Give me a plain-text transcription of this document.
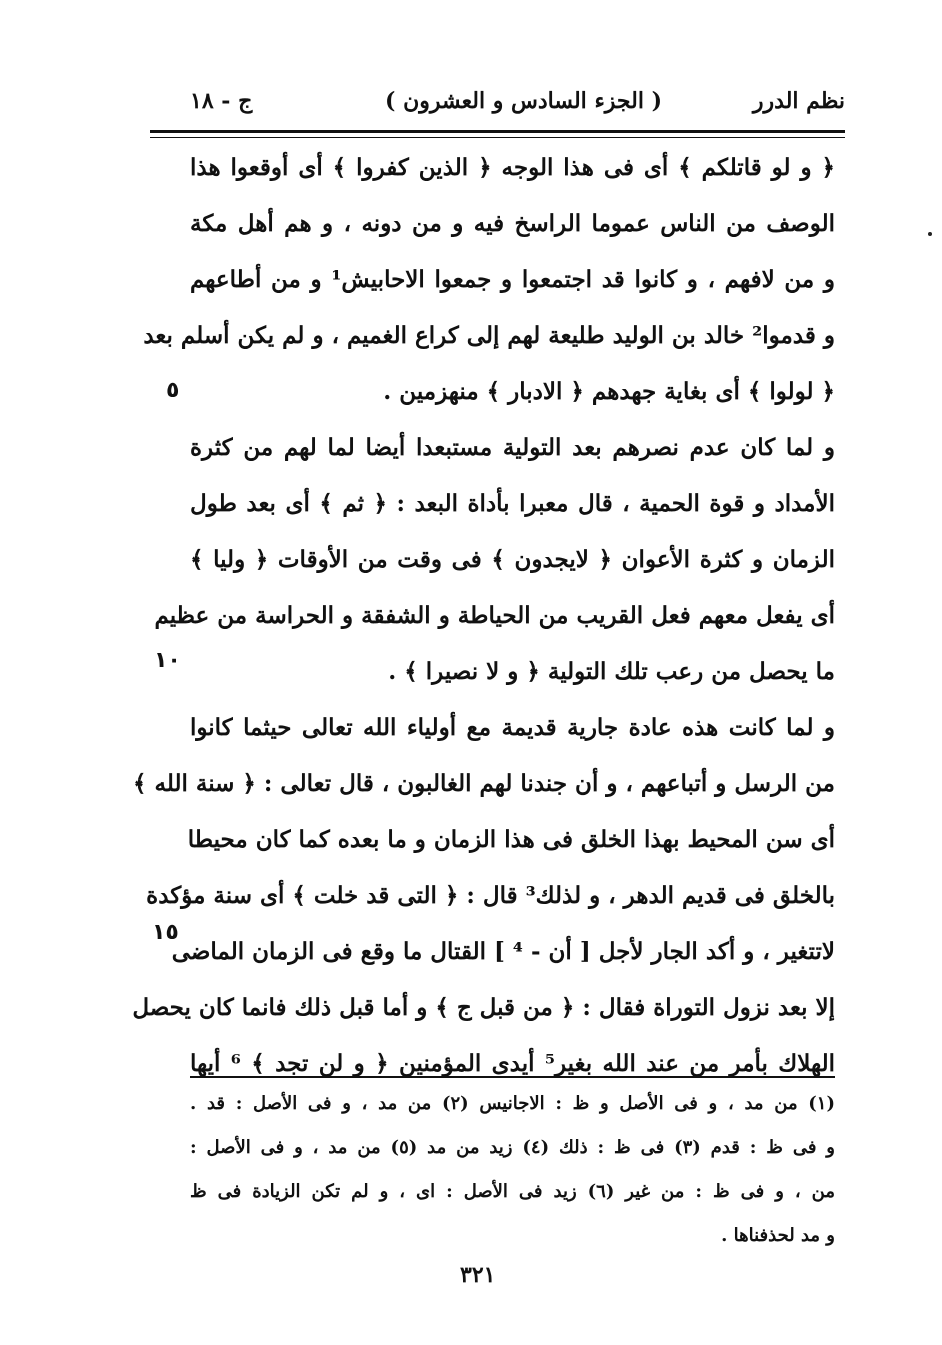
ج - ١٨	( الجزء السادس و العشرون )	نظم الدرر
﴿ و لو قاتلكم ﴾ أى فى هذا الوجه ﴿ الذين كفروا ﴾ أى أوقعوا هذا
الوصف من الناس عموما الراسخ فيه و من دونه ، و هم أهل مكة
و من لافهم ، و كانوا قد اجتمعوا و جمعوا الاحابيش¹ و من أطاعهم
و قدموا² خالد بن الوليد طليعة لهم إلى كراع الغميم ، و لم يكن أسلم بعد
﴿ لولوا ﴾ أى بغاية جهدهم ﴿ الادبار ﴾ منهزمين .
و لما كان عدم نصرهم بعد التولية مستبعدا أيضا لما لهم من كثرة
الأمداد و قوة الحمية ، قال معبرا بأداة البعد : ﴿ ثم ﴾ أى بعد طول
الزمان و كثرة الأعوان ﴿ لايجدون ﴾ فى وقت من الأوقات ﴿ وليا ﴾
أى يفعل معهم فعل القريب من الحياطة و الشفقة و الحراسة من عظيم
ما يحصل من رعب تلك التولية ﴿ و لا نصيرا ﴾ .
و لما كانت هذه عادة جارية قديمة مع أولياء الله تعالى حيثما كانوا
من الرسل و أتباعهم ، و أن جندنا لهم الغالبون ، قال تعالى : ﴿ سنة الله ﴾
أى سن المحيط بهذا الخلق فى هذا الزمان و ما بعده كما كان محيطا
بالخلق فى قديم الدهر ، و لذلك³ قال : ﴿ التى قد خلت ﴾ أى سنة مؤكدة
لاتتغير ، و أكد الجار لأجل [ أن - ⁴ ] القتال ما وقع فى الزمان الماضى
إلا بعد نزول التوراة فقال : ﴿ من قبل ج ﴾ و أما قبل ذلك فانما كان يحصل
الهلاك بأمر من عند الله بغير⁵ أيدى المؤمنين ﴿ و لن تجد ﴾ ⁶ أيها
٥
١٠
١٥
(١) من مد ، و فى الأصل و ظ : الاجانيس (٢) من مد ، و فى الأصل : قد .
و فى ظ : قدم (٣) فى ظ : ذلك (٤) زيد من مد (٥) من مد ، و فى الأصل :
من ، و فى ظ : من غير (٦) زيد فى الأصل : اى ، و لم تكن الزيادة فى ظ
و مد لحذفناها .
٣٢١
